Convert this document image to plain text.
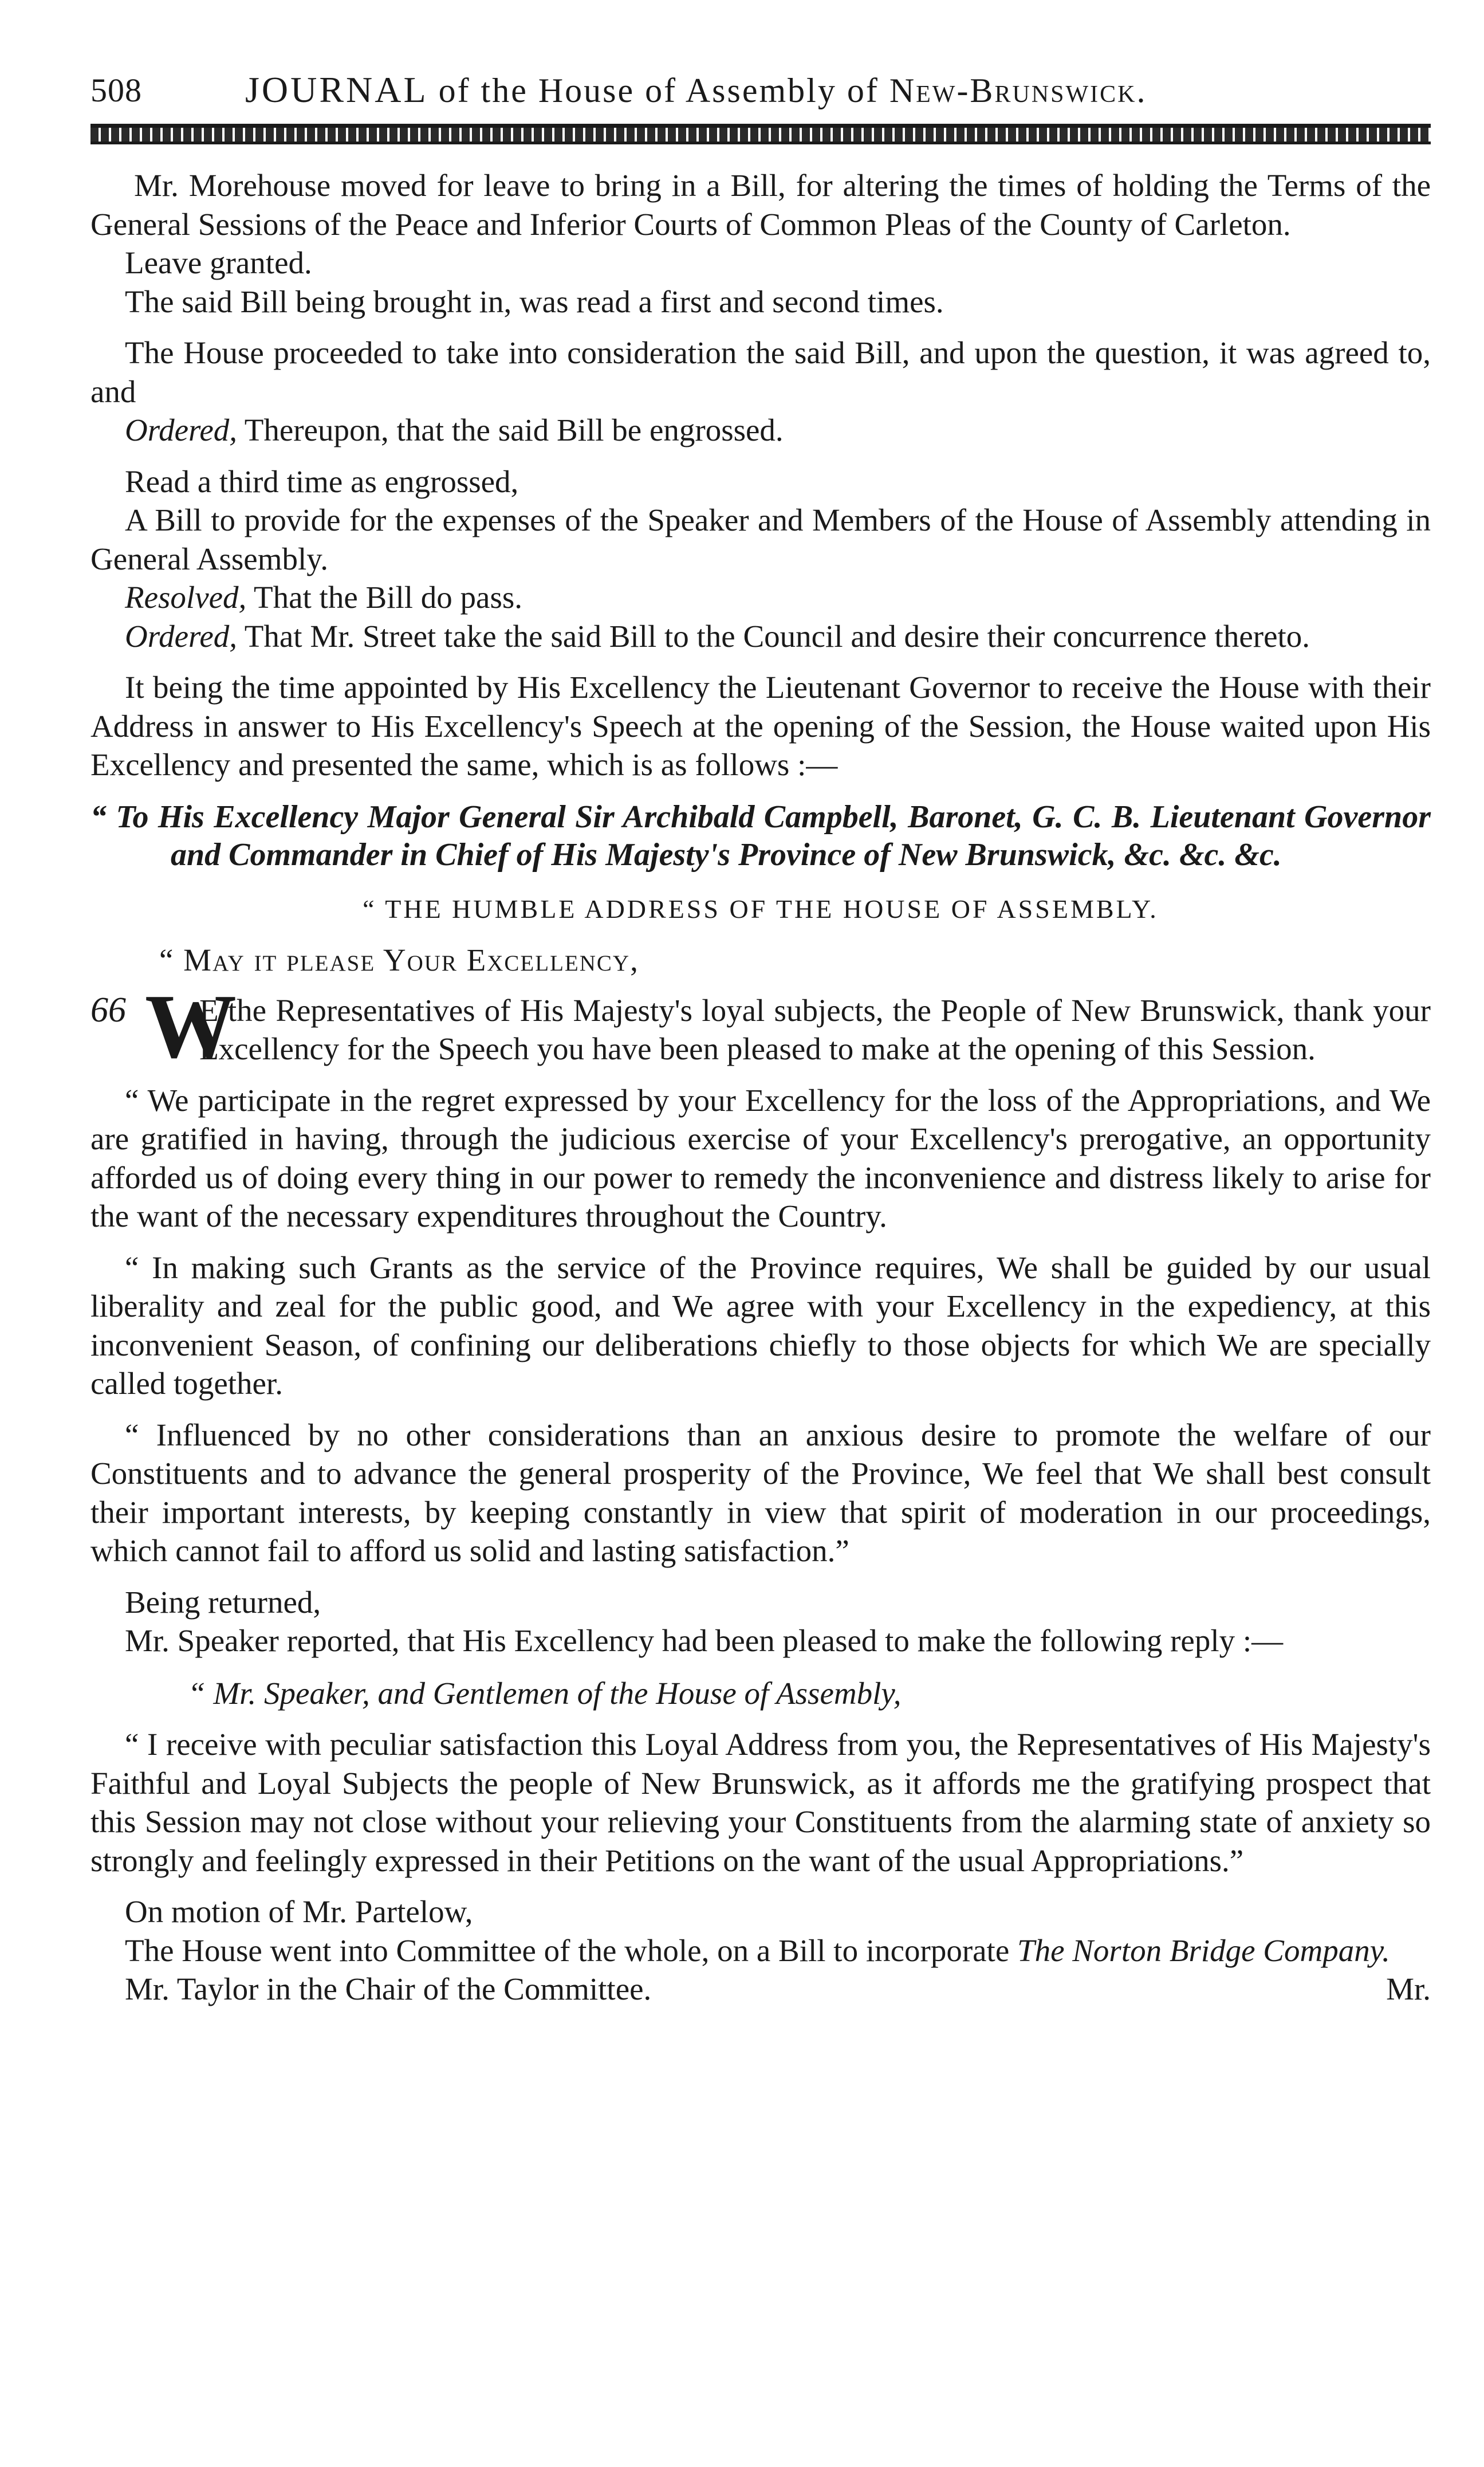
508	JOURNAL of the House of Assembly of New-Brunswick.

Mr. Morehouse moved for leave to bring in a Bill, for altering the times of holding the Terms of the General Sessions of the Peace and Inferior Courts of Common Pleas of the County of Carleton.

Leave granted.

The said Bill being brought in, was read a first and second times.

The House proceeded to take into consideration the said Bill, and upon the question, it was agreed to, and

Ordered, Thereupon, that the said Bill be engrossed.

Read a third time as engrossed,

A Bill to provide for the expenses of the Speaker and Members of the House of Assembly attending in General Assembly.

Resolved, That the Bill do pass.

Ordered, That Mr. Street take the said Bill to the Council and desire their concurrence thereto.

It being the time appointed by His Excellency the Lieutenant Governor to receive the House with their Address in answer to His Excellency's Speech at the opening of the Session, the House waited upon His Excellency and presented the same, which is as follows :—

“ To His Excellency Major General Sir Archibald Campbell, Baronet, G. C. B. Lieutenant Governor and Commander in Chief of His Majesty's Province of New Brunswick, &c. &c. &c.

“ THE HUMBLE ADDRESS OF THE HOUSE OF ASSEMBLY.

“ May it please Your Excellency,

66 W

E the Representatives of His Majesty's loyal subjects, the People of New Brunswick, thank your Excellency for the Speech you have been pleased to make at the opening of this Session.

“ We participate in the regret expressed by your Excellency for the loss of the Appropriations, and We are gratified in having, through the judicious exercise of your Excellency's prerogative, an opportunity afforded us of doing every thing in our power to remedy the inconvenience and distress likely to arise for the want of the necessary expenditures throughout the Country.

“ In making such Grants as the service of the Province requires, We shall be guided by our usual liberality and zeal for the public good, and We agree with your Excellency in the expediency, at this inconvenient Season, of confining our deliberations chiefly to those objects for which We are specially called together.

“ Influenced by no other considerations than an anxious desire to promote the welfare of our Constituents and to advance the general prosperity of the Province, We feel that We shall best consult their important interests, by keeping constantly in view that spirit of moderation in our proceedings, which cannot fail to afford us solid and lasting satisfaction.”

Being returned,

Mr. Speaker reported, that His Excellency had been pleased to make the following reply :—

“ Mr. Speaker, and Gentlemen of the House of Assembly,

“ I receive with peculiar satisfaction this Loyal Address from you, the Representatives of His Majesty's Faithful and Loyal Subjects the people of New Brunswick, as it affords me the gratifying prospect that this Session may not close without your relieving your Constituents from the alarming state of anxiety so strongly and feelingly expressed in their Petitions on the want of the usual Appropriations.”

On motion of Mr. Partelow,

The House went into Committee of the whole, on a Bill to incorporate The Norton Bridge Company.

Mr. Taylor in the Chair of the Committee.	Mr.
